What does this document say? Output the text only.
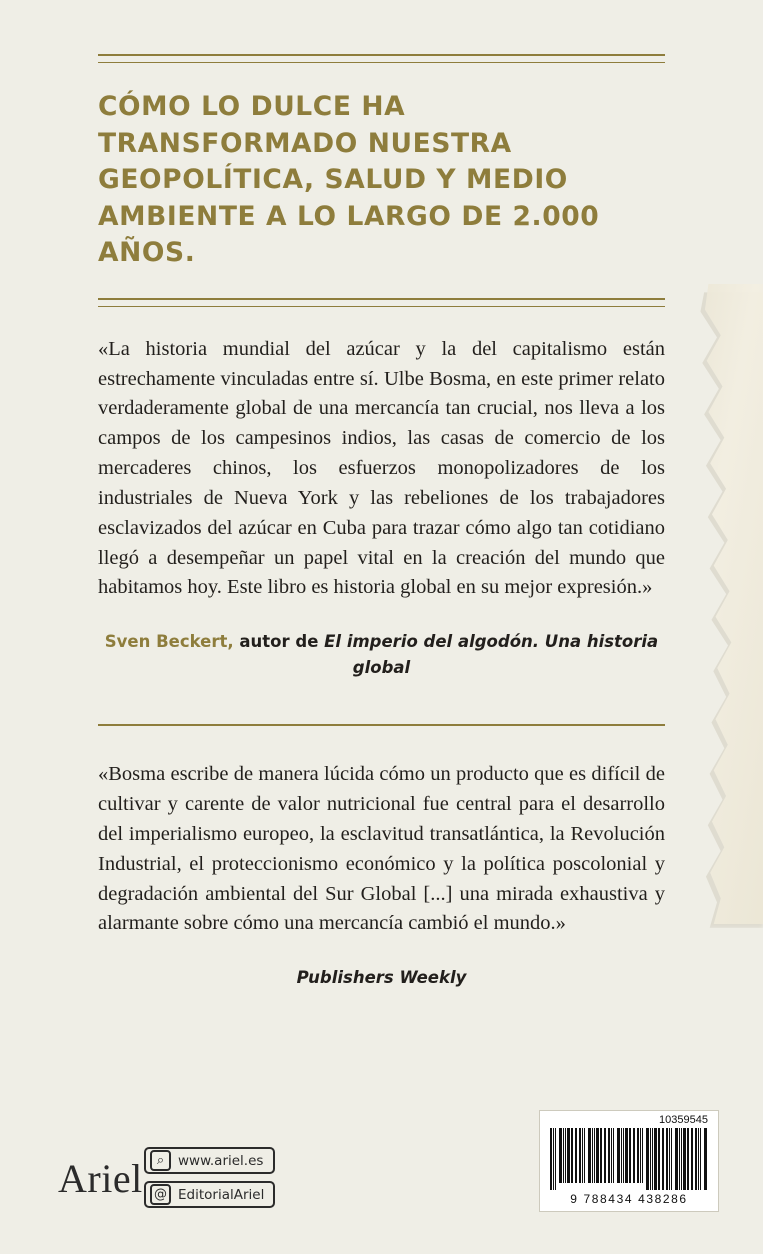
CÓMO LO DULCE HA TRANSFORMADO NUESTRA GEOPOLÍTICA, SALUD Y MEDIO AMBIENTE A LO LARGO DE 2.000 AÑOS.
«La historia mundial del azúcar y la del capitalismo están estrechamente vinculadas entre sí. Ulbe Bosma, en este primer relato verdaderamente global de una mercancía tan crucial, nos lleva a los campos de los campesinos indios, las casas de comercio de los mercaderes chinos, los esfuerzos monopolizadores de los industriales de Nueva York y las rebeliones de los trabajadores esclavizados del azúcar en Cuba para trazar cómo algo tan cotidiano llegó a desempeñar un papel vital en la creación del mundo que habitamos hoy. Este libro es historia global en su mejor expresión.»
Sven Beckert, autor de El imperio del algodón. Una historia global
«Bosma escribe de manera lúcida cómo un producto que es difícil de cultivar y carente de valor nutricional fue central para el desarrollo del imperialismo europeo, la esclavitud transatlántica, la Revolución Industrial, el proteccionismo económico y la política poscolonial y degradación ambiental del Sur Global [...] una mirada exhaustiva y alarmante sobre cómo una mercancía cambió el mundo.»
Publishers Weekly
Ariel	⌕	www.ariel.es
@ EditorialAriel
10359545
9 788434 438286
